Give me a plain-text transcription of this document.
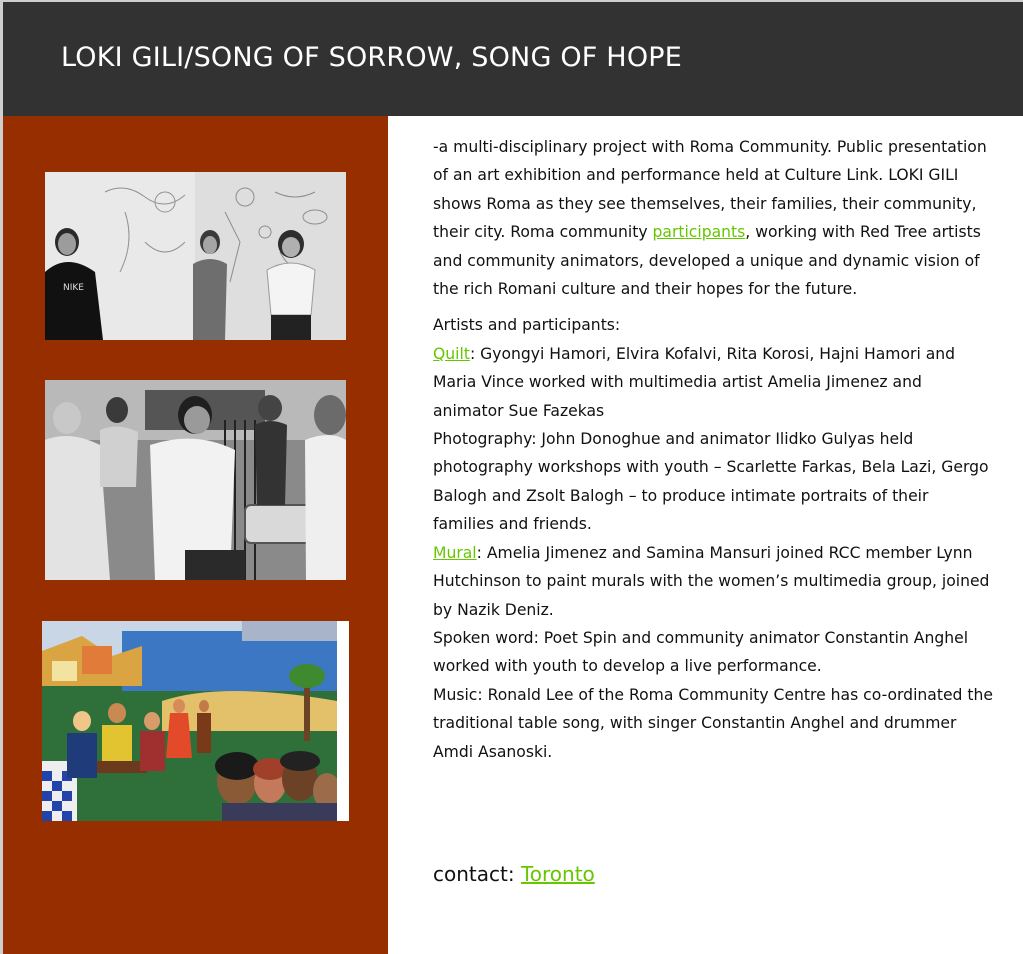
LOKI GILI/SONG OF SORROW, SONG OF HOPE
NIKE

-a multi-disciplinary project with Roma Community. Public presentation of an art exhibition and performance held at Culture Link. LOKI GILI shows Roma as they see themselves, their families, their community, their city. Roma community participants, working with Red Tree artists and community animators, developed a unique and dynamic vision of the rich Romani culture and their hopes for the future.

Artists and participants:

Quilt: Gyongyi Hamori, Elvira Kofalvi, Rita Korosi, Hajni Hamori and Maria Vince worked with multimedia artist Amelia Jimenez and animator Sue Fazekas

Photography: John Donoghue and animator Ilidko Gulyas held photography workshops with youth – Scarlette Farkas, Bela Lazi, Gergo Balogh and Zsolt Balogh – to produce intimate portraits of their families and friends.

Mural: Amelia Jimenez and Samina Mansuri joined RCC member Lynn Hutchinson to paint murals with the women’s multimedia group, joined by Nazik Deniz.

Spoken word: Poet Spin and community animator Constantin Anghel worked with youth to develop a live performance.

Music: Ronald Lee of the Roma Community Centre has co-ordinated the traditional table song, with singer Constantin Anghel and drummer Amdi Asanoski.

contact: Toronto
